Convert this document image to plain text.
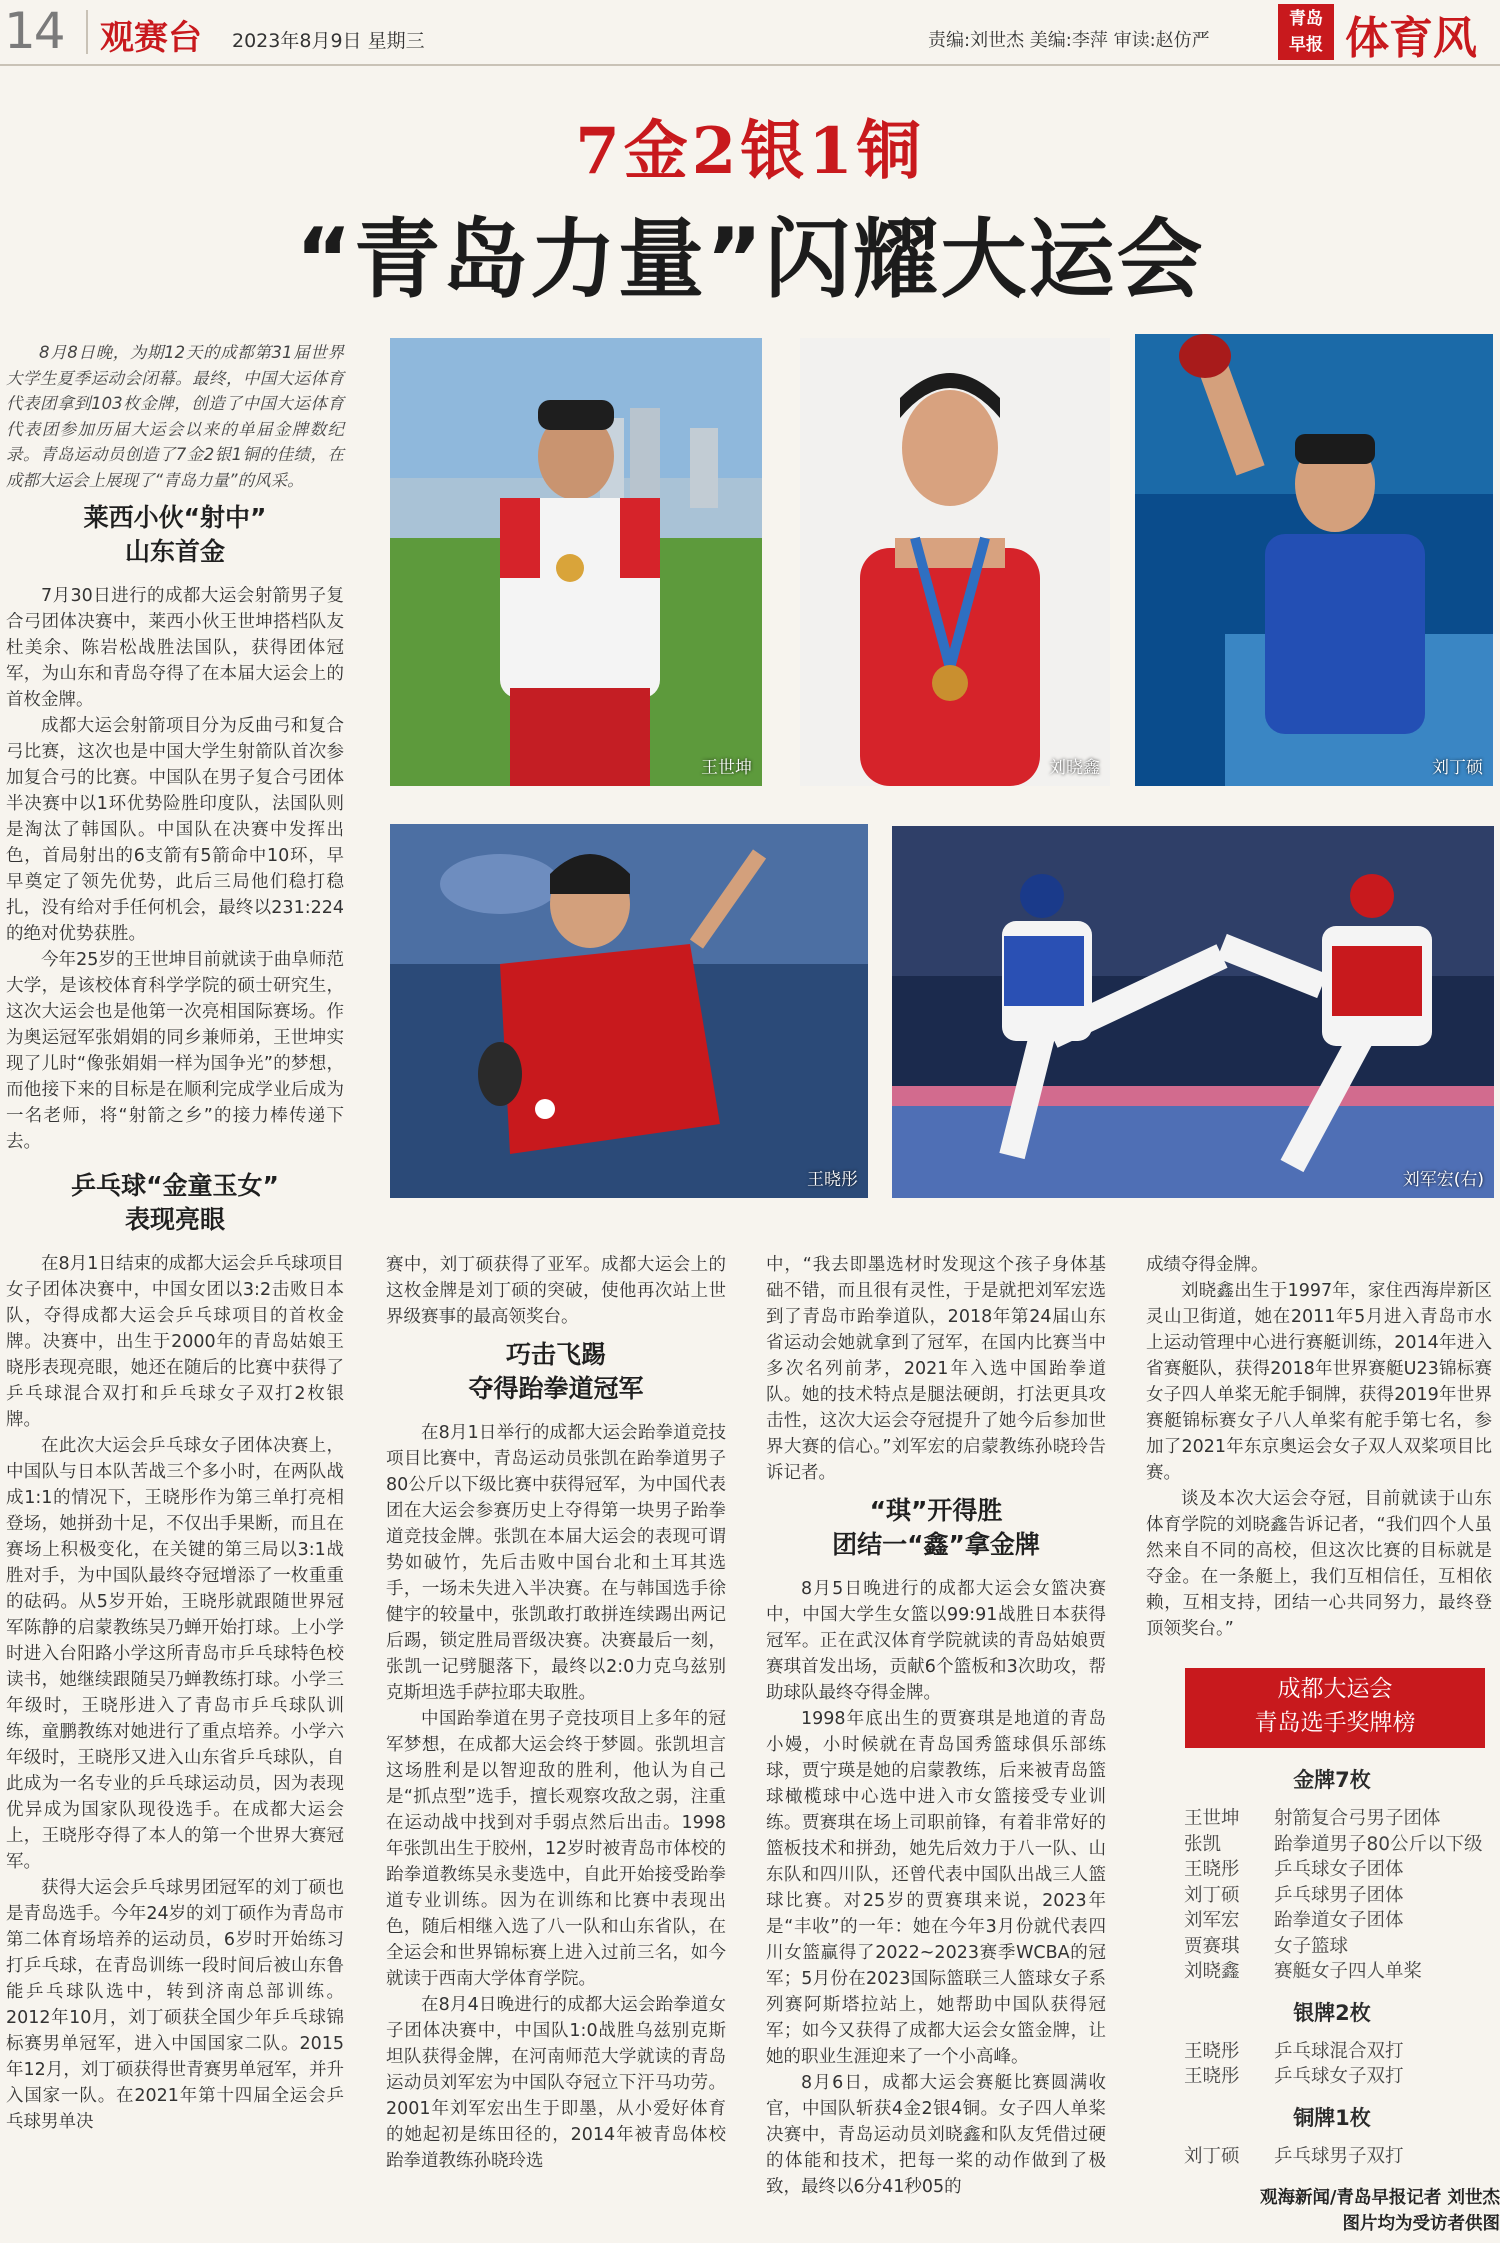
14 观赛台 2023年8月9日 星期三	责编:刘世杰 美编:李萍 审读:赵仿严
青岛早报 体育风
7金2银1铜
“青岛力量”闪耀大运会

8月8日晚，为期12天的成都第31届世界大学生夏季运动会闭幕。最终，中国大运体育代表团拿到103枚金牌，创造了中国大运体育代表团参加历届大运会以来的单届金牌数纪录。青岛运动员创造了7金2银1铜的佳绩，在成都大运会上展现了“青岛力量”的风采。

莱西小伙“射中”
山东首金

7月30日进行的成都大运会射箭男子复合弓团体决赛中，莱西小伙王世坤搭档队友杜美余、陈岩松战胜法国队，获得团体冠军，为山东和青岛夺得了在本届大运会上的首枚金牌。

成都大运会射箭项目分为反曲弓和复合弓比赛，这次也是中国大学生射箭队首次参加复合弓的比赛。中国队在男子复合弓团体半决赛中以1环优势险胜印度队，法国队则是淘汰了韩国队。中国队在决赛中发挥出色，首局射出的6支箭有5箭命中10环，早早奠定了领先优势，此后三局他们稳打稳扎，没有给对手任何机会，最终以231:224的绝对优势获胜。

今年25岁的王世坤目前就读于曲阜师范大学，是该校体育科学学院的硕士研究生，这次大运会也是他第一次亮相国际赛场。作为奥运冠军张娟娟的同乡兼师弟，王世坤实现了儿时“像张娟娟一样为国争光”的梦想，而他接下来的目标是在顺利完成学业后成为一名老师，将“射箭之乡”的接力棒传递下去。

乒乓球“金童玉女”
表现亮眼

在8月1日结束的成都大运会乒乓球项目女子团体决赛中，中国女团以3:2击败日本队，夺得成都大运会乒乓球项目的首枚金牌。决赛中，出生于2000年的青岛姑娘王晓彤表现亮眼，她还在随后的比赛中获得了乒乓球混合双打和乒乓球女子双打2枚银牌。

在此次大运会乒乓球女子团体决赛上，中国队与日本队苦战三个多小时，在两队战成1:1的情况下，王晓彤作为第三单打亮相登场，她拼劲十足，不仅出手果断，而且在赛场上积极变化，在关键的第三局以3:1战胜对手，为中国队最终夺冠增添了一枚重重的砝码。从5岁开始，王晓彤就跟随世界冠军陈静的启蒙教练吴乃蝉开始打球。上小学时进入台阳路小学这所青岛市乒乓球特色校读书，她继续跟随吴乃蝉教练打球。小学三年级时，王晓彤进入了青岛市乒乓球队训练，童鹏教练对她进行了重点培养。小学六年级时，王晓彤又进入山东省乒乓球队，自此成为一名专业的乒乓球运动员，因为表现优异成为国家队现役选手。在成都大运会上，王晓彤夺得了本人的第一个世界大赛冠军。

获得大运会乒乓球男团冠军的刘丁硕也是青岛选手。今年24岁的刘丁硕作为青岛市第二体育场培养的运动员，6岁时开始练习打乒乓球，在青岛训练一段时间后被山东鲁能乒乓球队选中，转到济南总部训练。2012年10月，刘丁硕获全国少年乒乓球锦标赛男单冠军，进入中国国家二队。2015年12月，刘丁硕获得世青赛男单冠军，并升入国家一队。在2021年第十四届全运会乒乓球男单决

王世坤	刘晓鑫	刘丁硕
王晓彤	刘军宏(右)

赛中，刘丁硕获得了亚军。成都大运会上的这枚金牌是刘丁硕的突破，使他再次站上世界级赛事的最高领奖台。

巧击飞踢
夺得跆拳道冠军

在8月1日举行的成都大运会跆拳道竞技项目比赛中，青岛运动员张凯在跆拳道男子80公斤以下级比赛中获得冠军，为中国代表团在大运会参赛历史上夺得第一块男子跆拳道竞技金牌。张凯在本届大运会的表现可谓势如破竹，先后击败中国台北和土耳其选手，一场未失进入半决赛。在与韩国选手徐健宇的较量中，张凯敢打敢拼连续踢出两记后踢，锁定胜局晋级决赛。决赛最后一刻，张凯一记劈腿落下，最终以2:0力克乌兹别克斯坦选手萨拉耶夫取胜。

中国跆拳道在男子竞技项目上多年的冠军梦想，在成都大运会终于梦圆。张凯坦言这场胜利是以智迎敌的胜利，他认为自己是“抓点型”选手，擅长观察攻敌之弱，注重在运动战中找到对手弱点然后出击。1998年张凯出生于胶州，12岁时被青岛市体校的跆拳道教练吴永斐选中，自此开始接受跆拳道专业训练。因为在训练和比赛中表现出色，随后相继入选了八一队和山东省队，在全运会和世界锦标赛上进入过前三名，如今就读于西南大学体育学院。

在8月4日晚进行的成都大运会跆拳道女子团体决赛中，中国队1:0战胜乌兹别克斯坦队获得金牌，在河南师范大学就读的青岛运动员刘军宏为中国队夺冠立下汗马功劳。2001年刘军宏出生于即墨，从小爱好体育的她起初是练田径的，2014年被青岛体校跆拳道教练孙晓玲选

中，“我去即墨选材时发现这个孩子身体基础不错，而且很有灵性，于是就把刘军宏选到了青岛市跆拳道队，2018年第24届山东省运动会她就拿到了冠军，在国内比赛当中多次名列前茅，2021年入选中国跆拳道队。她的技术特点是腿法硬朗，打法更具攻击性，这次大运会夺冠提升了她今后参加世界大赛的信心。”刘军宏的启蒙教练孙晓玲告诉记者。

“琪”开得胜
团结一“鑫”拿金牌

8月5日晚进行的成都大运会女篮决赛中，中国大学生女篮以99:91战胜日本获得冠军。正在武汉体育学院就读的青岛姑娘贾赛琪首发出场，贡献6个篮板和3次助攻，帮助球队最终夺得金牌。

1998年底出生的贾赛琪是地道的青岛小嫚，小时候就在青岛国秀篮球俱乐部练球，贾宁瑛是她的启蒙教练，后来被青岛篮球橄榄球中心选中进入市女篮接受专业训练。贾赛琪在场上司职前锋，有着非常好的篮板技术和拼劲，她先后效力于八一队、山东队和四川队，还曾代表中国队出战三人篮球比赛。对25岁的贾赛琪来说，2023年是“丰收”的一年：她在今年3月份就代表四川女篮赢得了2022~2023赛季WCBA的冠军；5月份在2023国际篮联三人篮球女子系列赛阿斯塔拉站上，她帮助中国队获得冠军；如今又获得了成都大运会女篮金牌，让她的职业生涯迎来了一个小高峰。

8月6日，成都大运会赛艇比赛圆满收官，中国队斩获4金2银4铜。女子四人单桨决赛中，青岛运动员刘晓鑫和队友凭借过硬的体能和技术，把每一桨的动作做到了极致，最终以6分41秒05的

成绩夺得金牌。

刘晓鑫出生于1997年，家住西海岸新区灵山卫街道，她在2011年5月进入青岛市水上运动管理中心进行赛艇训练，2014年进入省赛艇队，获得2018年世界赛艇U23锦标赛女子四人单桨无舵手铜牌，获得2019年世界赛艇锦标赛女子八人单桨有舵手第七名，参加了2021年东京奥运会女子双人双桨项目比赛。

谈及本次大运会夺冠，目前就读于山东体育学院的刘晓鑫告诉记者，“我们四个人虽然来自不同的高校，但这次比赛的目标就是夺金。在一条艇上，我们互相信任，互相依赖，互相支持，团结一心共同努力，最终登顶领奖台。”

成都大运会
青岛选手奖牌榜
金牌7枚
王世坤 射箭复合弓男子团体
张凯	跆拳道男子80公斤以下级
王晓彤 乒乓球女子团体
刘丁硕 乒乓球男子团体
刘军宏 跆拳道女子团体
贾赛琪 女子篮球
刘晓鑫 赛艇女子四人单桨
银牌2枚
王晓彤 乒乓球混合双打
王晓彤 乒乓球女子双打
铜牌1枚
刘丁硕 乒乓球男子双打
观海新闻/青岛早报记者 刘世杰
图片均为受访者供图
